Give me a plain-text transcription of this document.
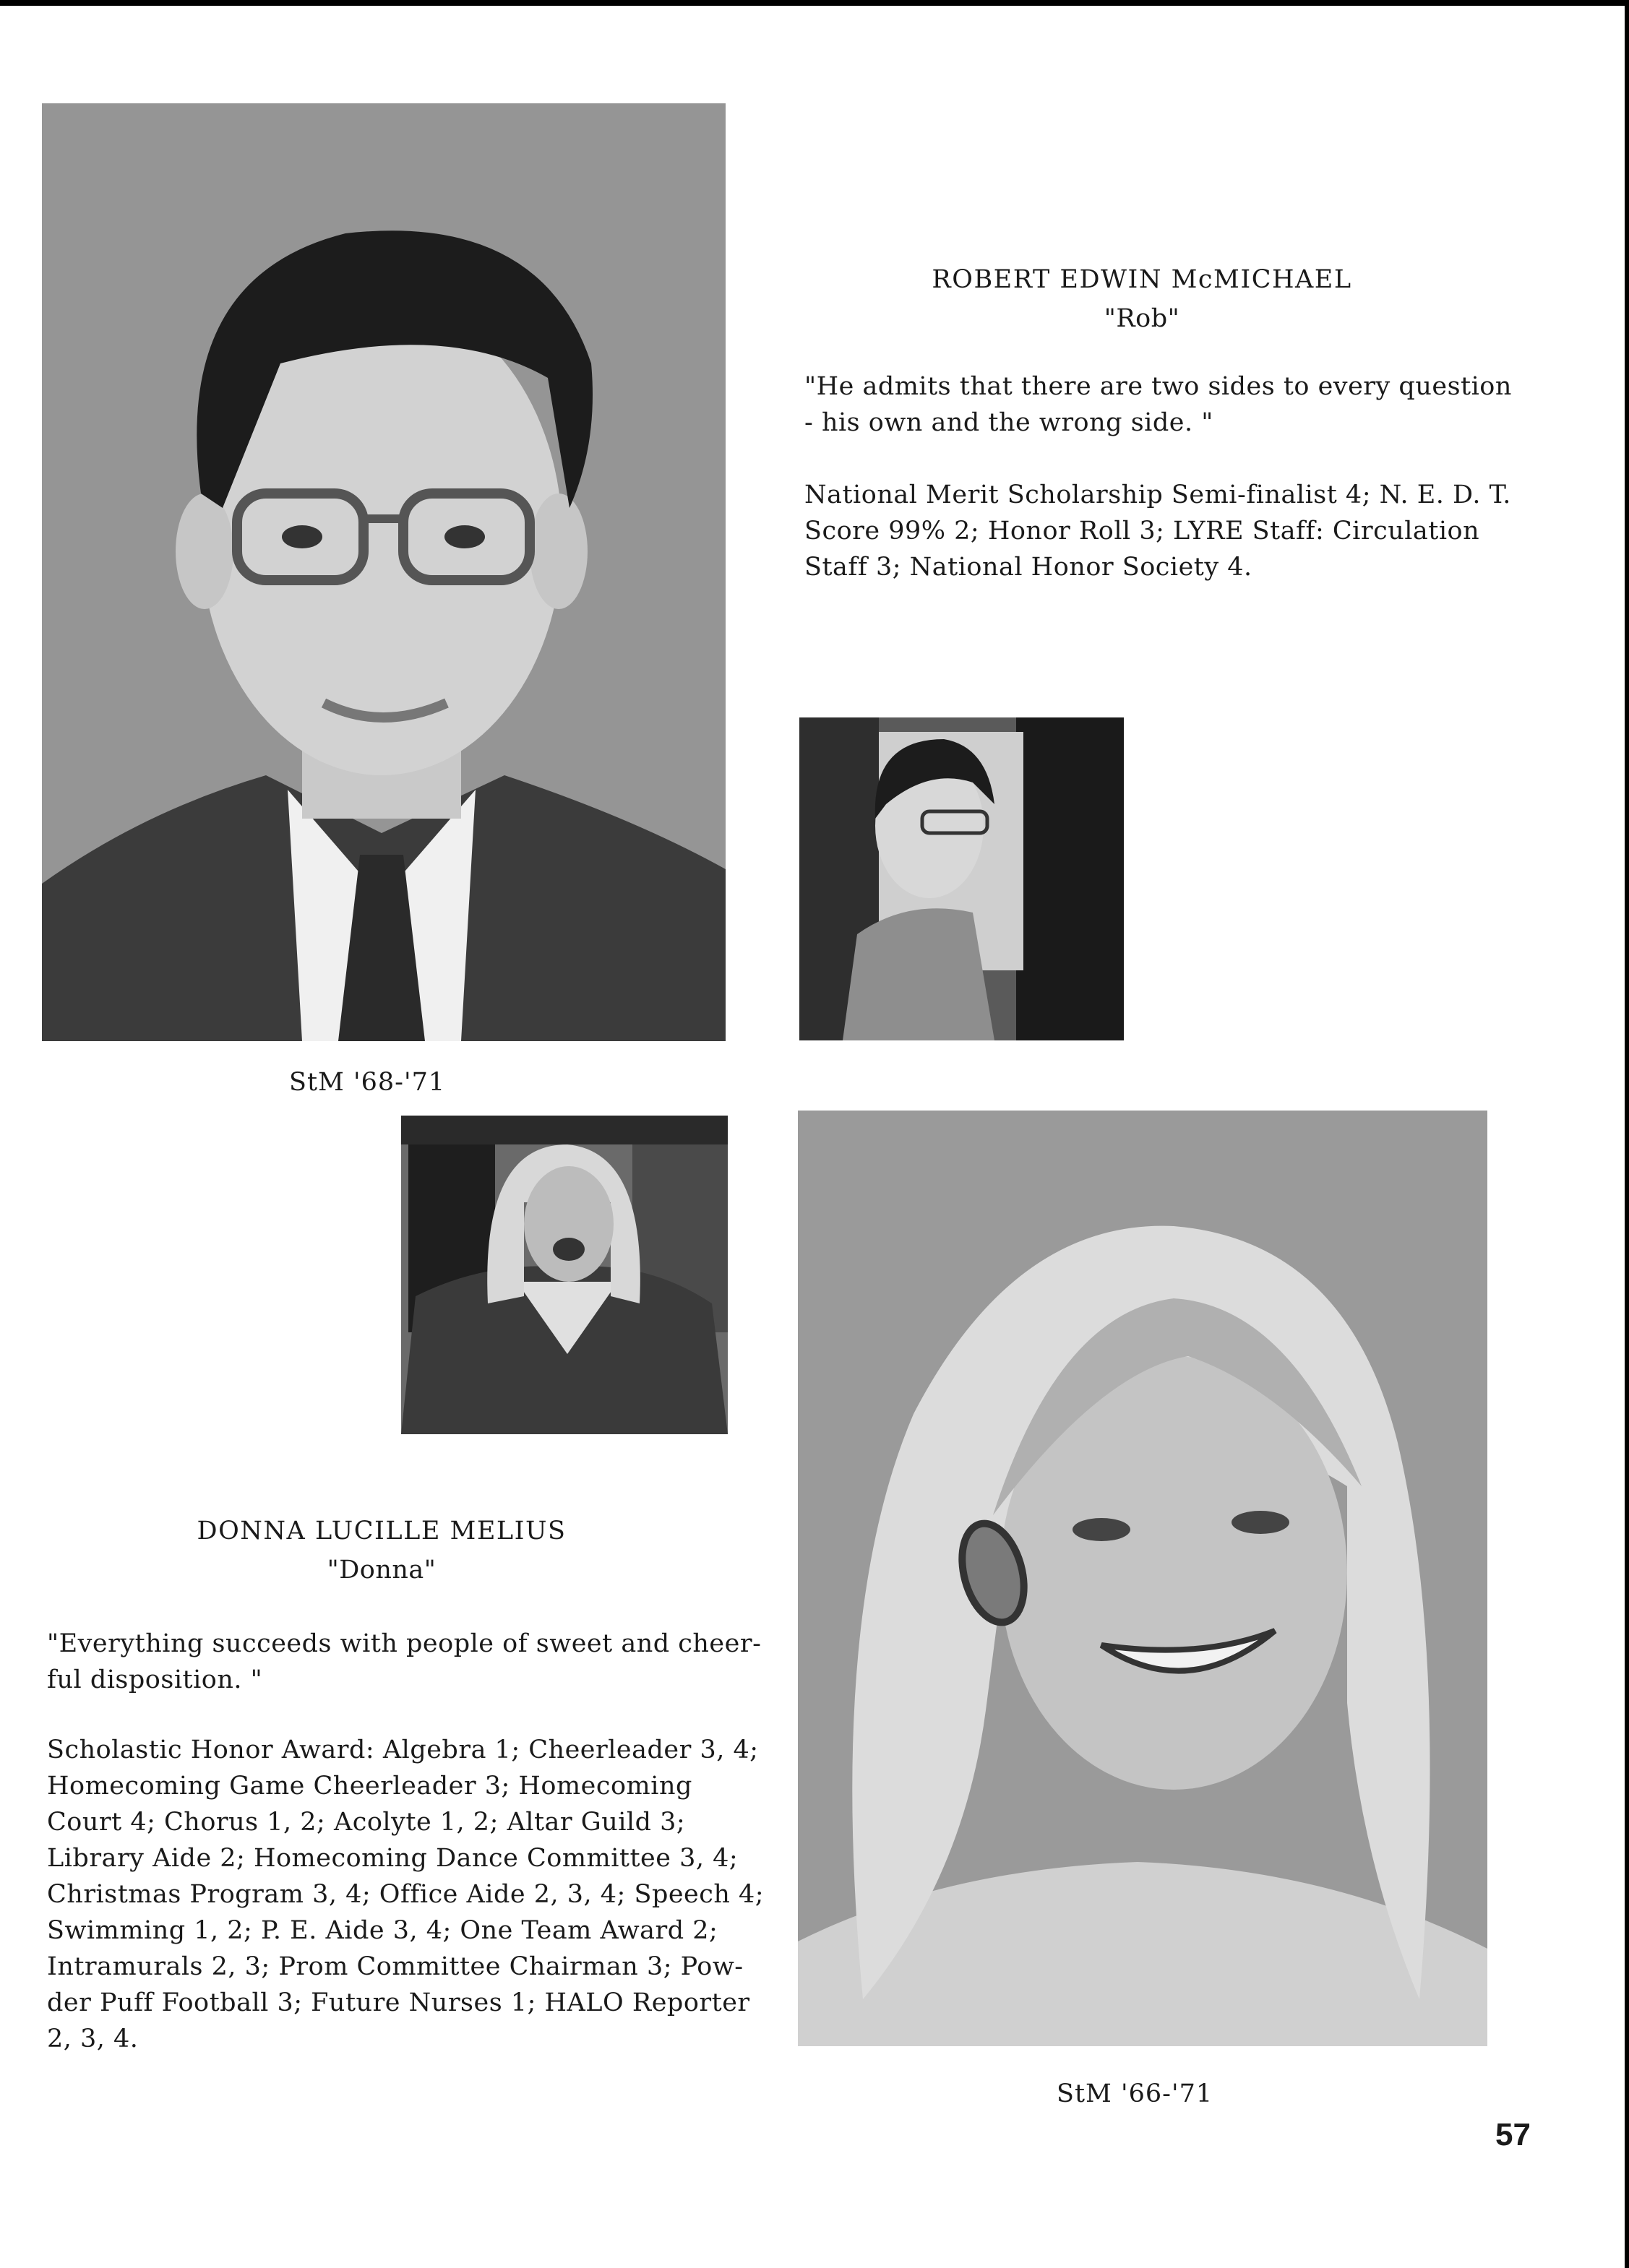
ROBERT EDWIN McMICHAEL
"Rob"
"He admits that there are two sides to every question
- his own and the wrong side. "
National Merit Scholarship Semi-finalist 4; N. E. D. T.
Score 99% 2; Honor Roll 3; LYRE Staff: Circulation
Staff 3; National Honor Society 4.
StM '68-'71
DONNA LUCILLE MELIUS
"Donna"
"Everything succeeds with people of sweet and cheer-
ful disposition. "
Scholastic Honor Award: Algebra 1; Cheerleader 3, 4;
Homecoming Game Cheerleader 3; Homecoming
Court 4; Chorus 1, 2; Acolyte 1, 2; Altar Guild 3;
Library Aide 2; Homecoming Dance Committee 3, 4;
Christmas Program 3, 4; Office Aide 2, 3, 4; Speech 4;
Swimming 1, 2; P. E. Aide 3, 4; One Team Award 2;
Intramurals 2, 3; Prom Committee Chairman 3; Pow-
der Puff Football 3; Future Nurses 1; HALO Reporter
2, 3, 4.
StM '66-'71
57
